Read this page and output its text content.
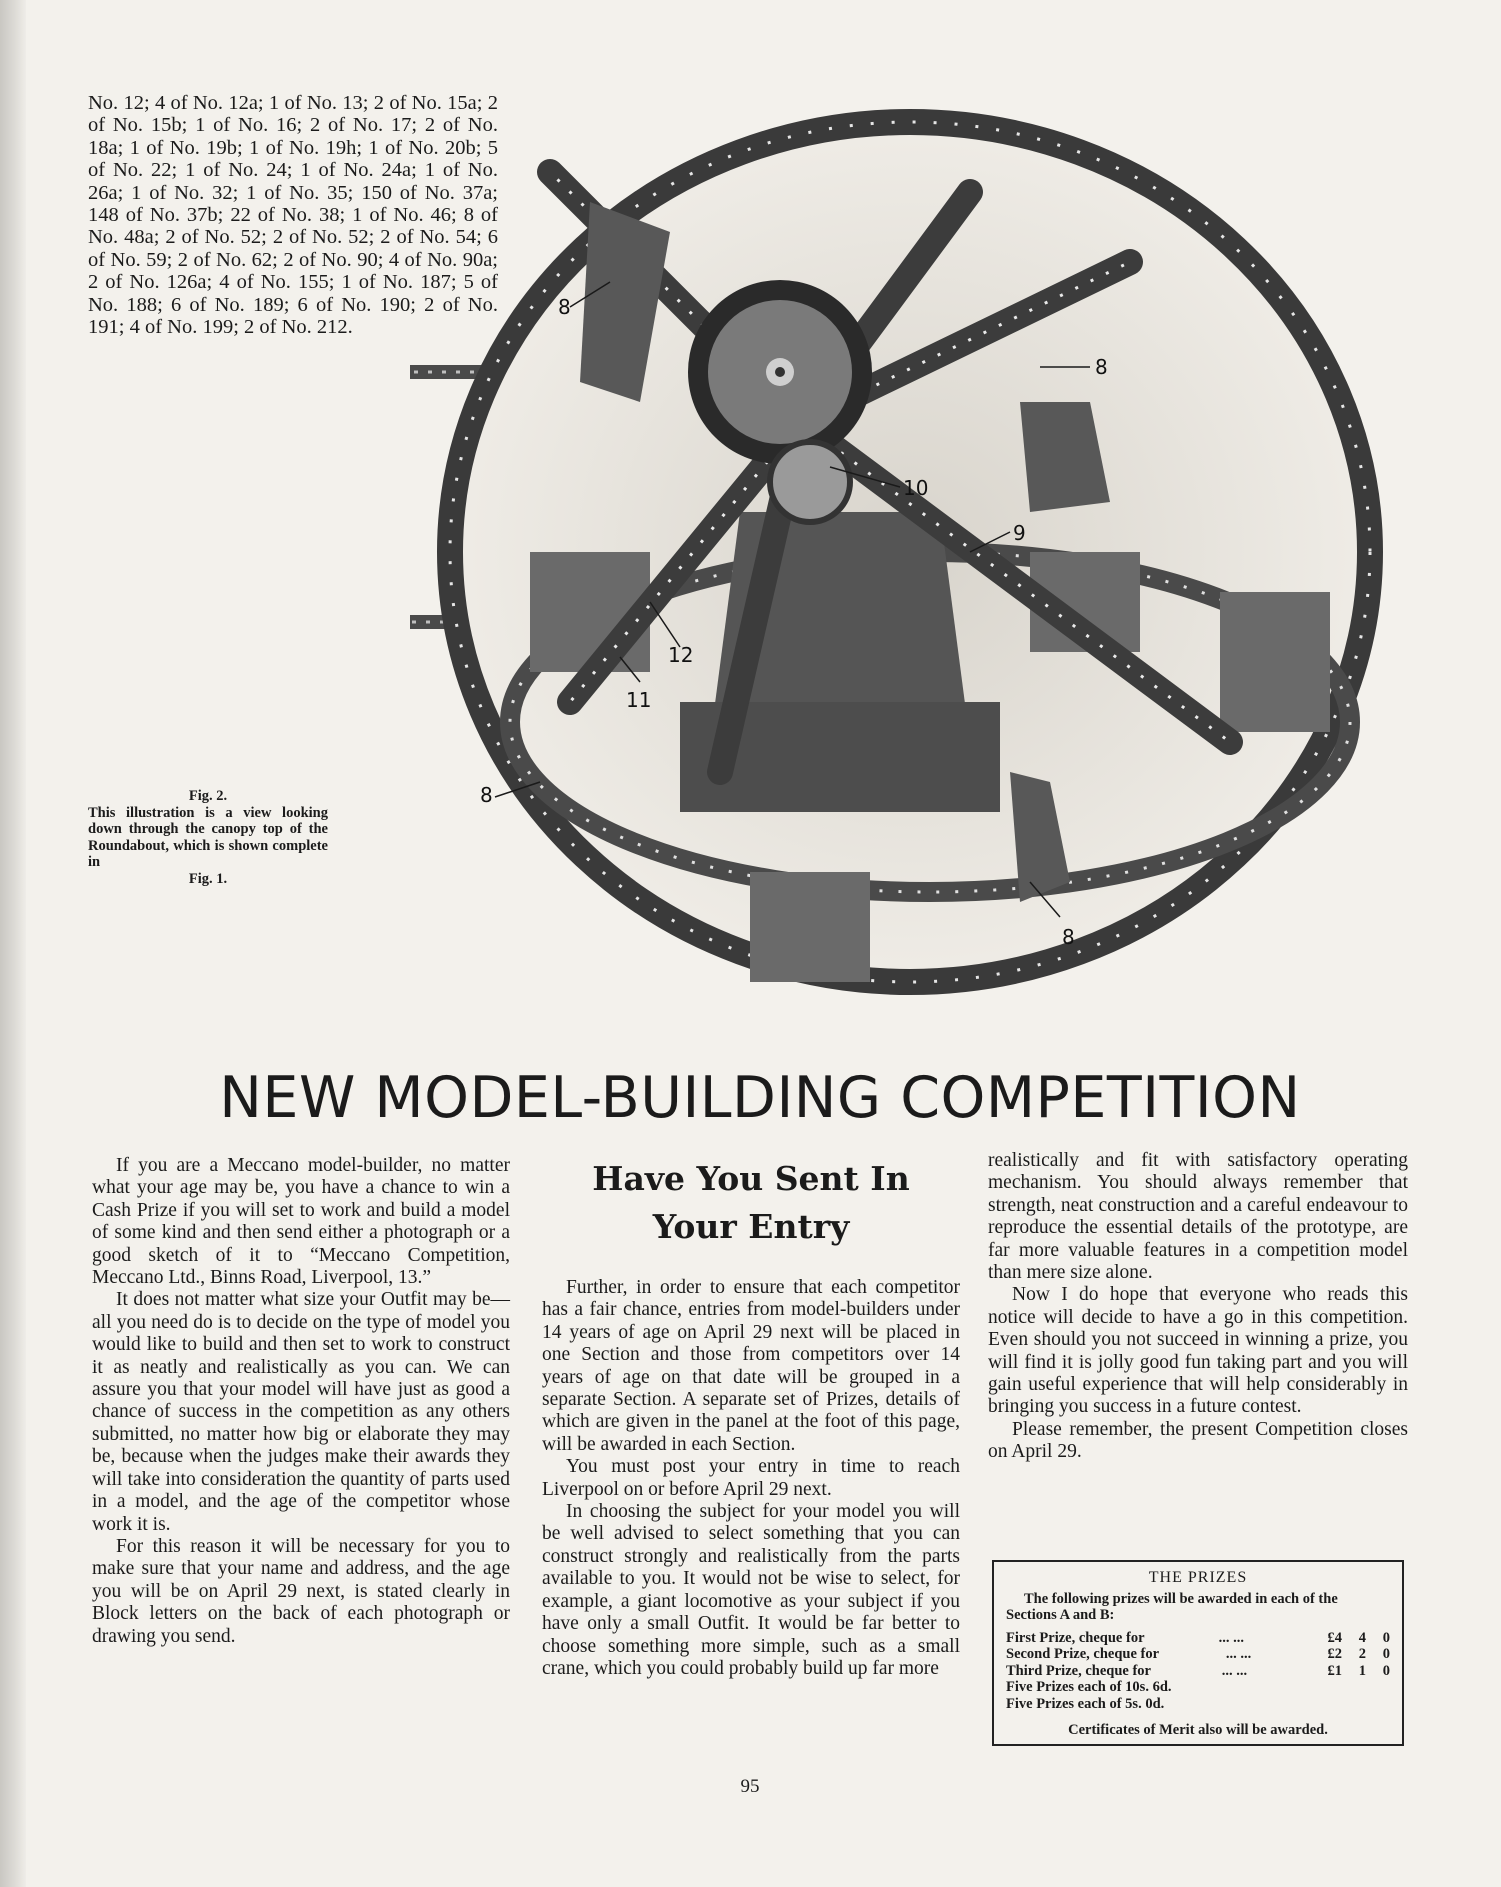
No. 12; 4 of No. 12a; 1 of No. 13; 2 of No. 15a; 2 of No. 15b; 1 of No. 16; 2 of No. 17; 2 of No. 18a; 1 of No. 19b; 1 of No. 19h; 1 of No. 20b; 5 of No. 22; 1 of No. 24; 1 of No. 24a; 1 of No. 26a; 1 of No. 32; 1 of No. 35; 150 of No. 37a; 148 of No. 37b; 22 of No. 38; 1 of No. 46; 8 of No. 48a; 2 of No. 52; 2 of No. 52; 2 of No. 54; 6 of No. 59; 2 of No. 62; 2 of No. 90; 4 of No. 90a; 2 of No. 126a; 4 of No. 155; 1 of No. 187; 5 of No. 188; 6 of No. 189; 6 of No. 190; 2 of No. 191; 4 of No. 199; 2 of No. 212.
8
8
10
9
12
11
8
8
Fig. 2.
This illustration is a view looking down through the canopy top of the Roundabout, which is shown complete in
Fig. 1.
NEW MODEL-BUILDING COMPETITION

If you are a Meccano model-builder, no matter what your age may be, you have a chance to win a Cash Prize if you will set to work and build a model of some kind and then send either a photograph or a good sketch of it to “Meccano Competition, Meccano Ltd., Binns Road, Liverpool, 13.”

It does not matter what size your Outfit may be—all you need do is to decide on the type of model you would like to build and then set to work to construct it as neatly and realistically as you can. We can assure you that your model will have just as good a chance of success in the competition as any others submitted, no matter how big or elaborate they may be, because when the judges make their awards they will take into consideration the quantity of parts used in a model, and the age of the competitor whose work it is.

For this reason it will be necessary for you to make sure that your name and address, and the age you will be on April 29 next, is stated clearly in Block letters on the back of each photograph or drawing you send.

Have You Sent In
Your Entry

Further, in order to ensure that each competitor has a fair chance, entries from model-builders under 14 years of age on April 29 next will be placed in one Section and those from competitors over 14 years of age on that date will be grouped in a separate Section. A separate set of Prizes, details of which are given in the panel at the foot of this page, will be awarded in each Section.

You must post your entry in time to reach Liverpool on or before April 29 next.

In choosing the subject for your model you will be well advised to select something that you can construct strongly and realistically from the parts available to you. It would not be wise to select, for example, a giant locomotive as your subject if you have only a small Outfit. It would be far better to choose something more simple, such as a small crane, which you could probably build up far more

realistically and fit with satisfactory operating mechanism. You should always remember that strength, neat construction and a careful endeavour to reproduce the essential details of the prototype, are far more valuable features in a competition model than mere size alone.

Now I do hope that everyone who reads this notice will decide to have a go in this competition. Even should you not succeed in winning a prize, you will find it is jolly good fun taking part and you will gain useful experience that will help considerably in bringing you success in a future contest.

Please remember, the present Competition closes on April 29.

THE PRIZES
The following prizes will be awarded in each of the Sections A and B:
First Prize, cheque for	... ...	£4	4	0
Second Prize, cheque for	... ...	£2	2	0
Third Prize, cheque for	... ...	£1	1	0
Five Prizes each of 10s. 6d.
Five Prizes each of 5s. 0d.
Certificates of Merit also will be awarded.
95
